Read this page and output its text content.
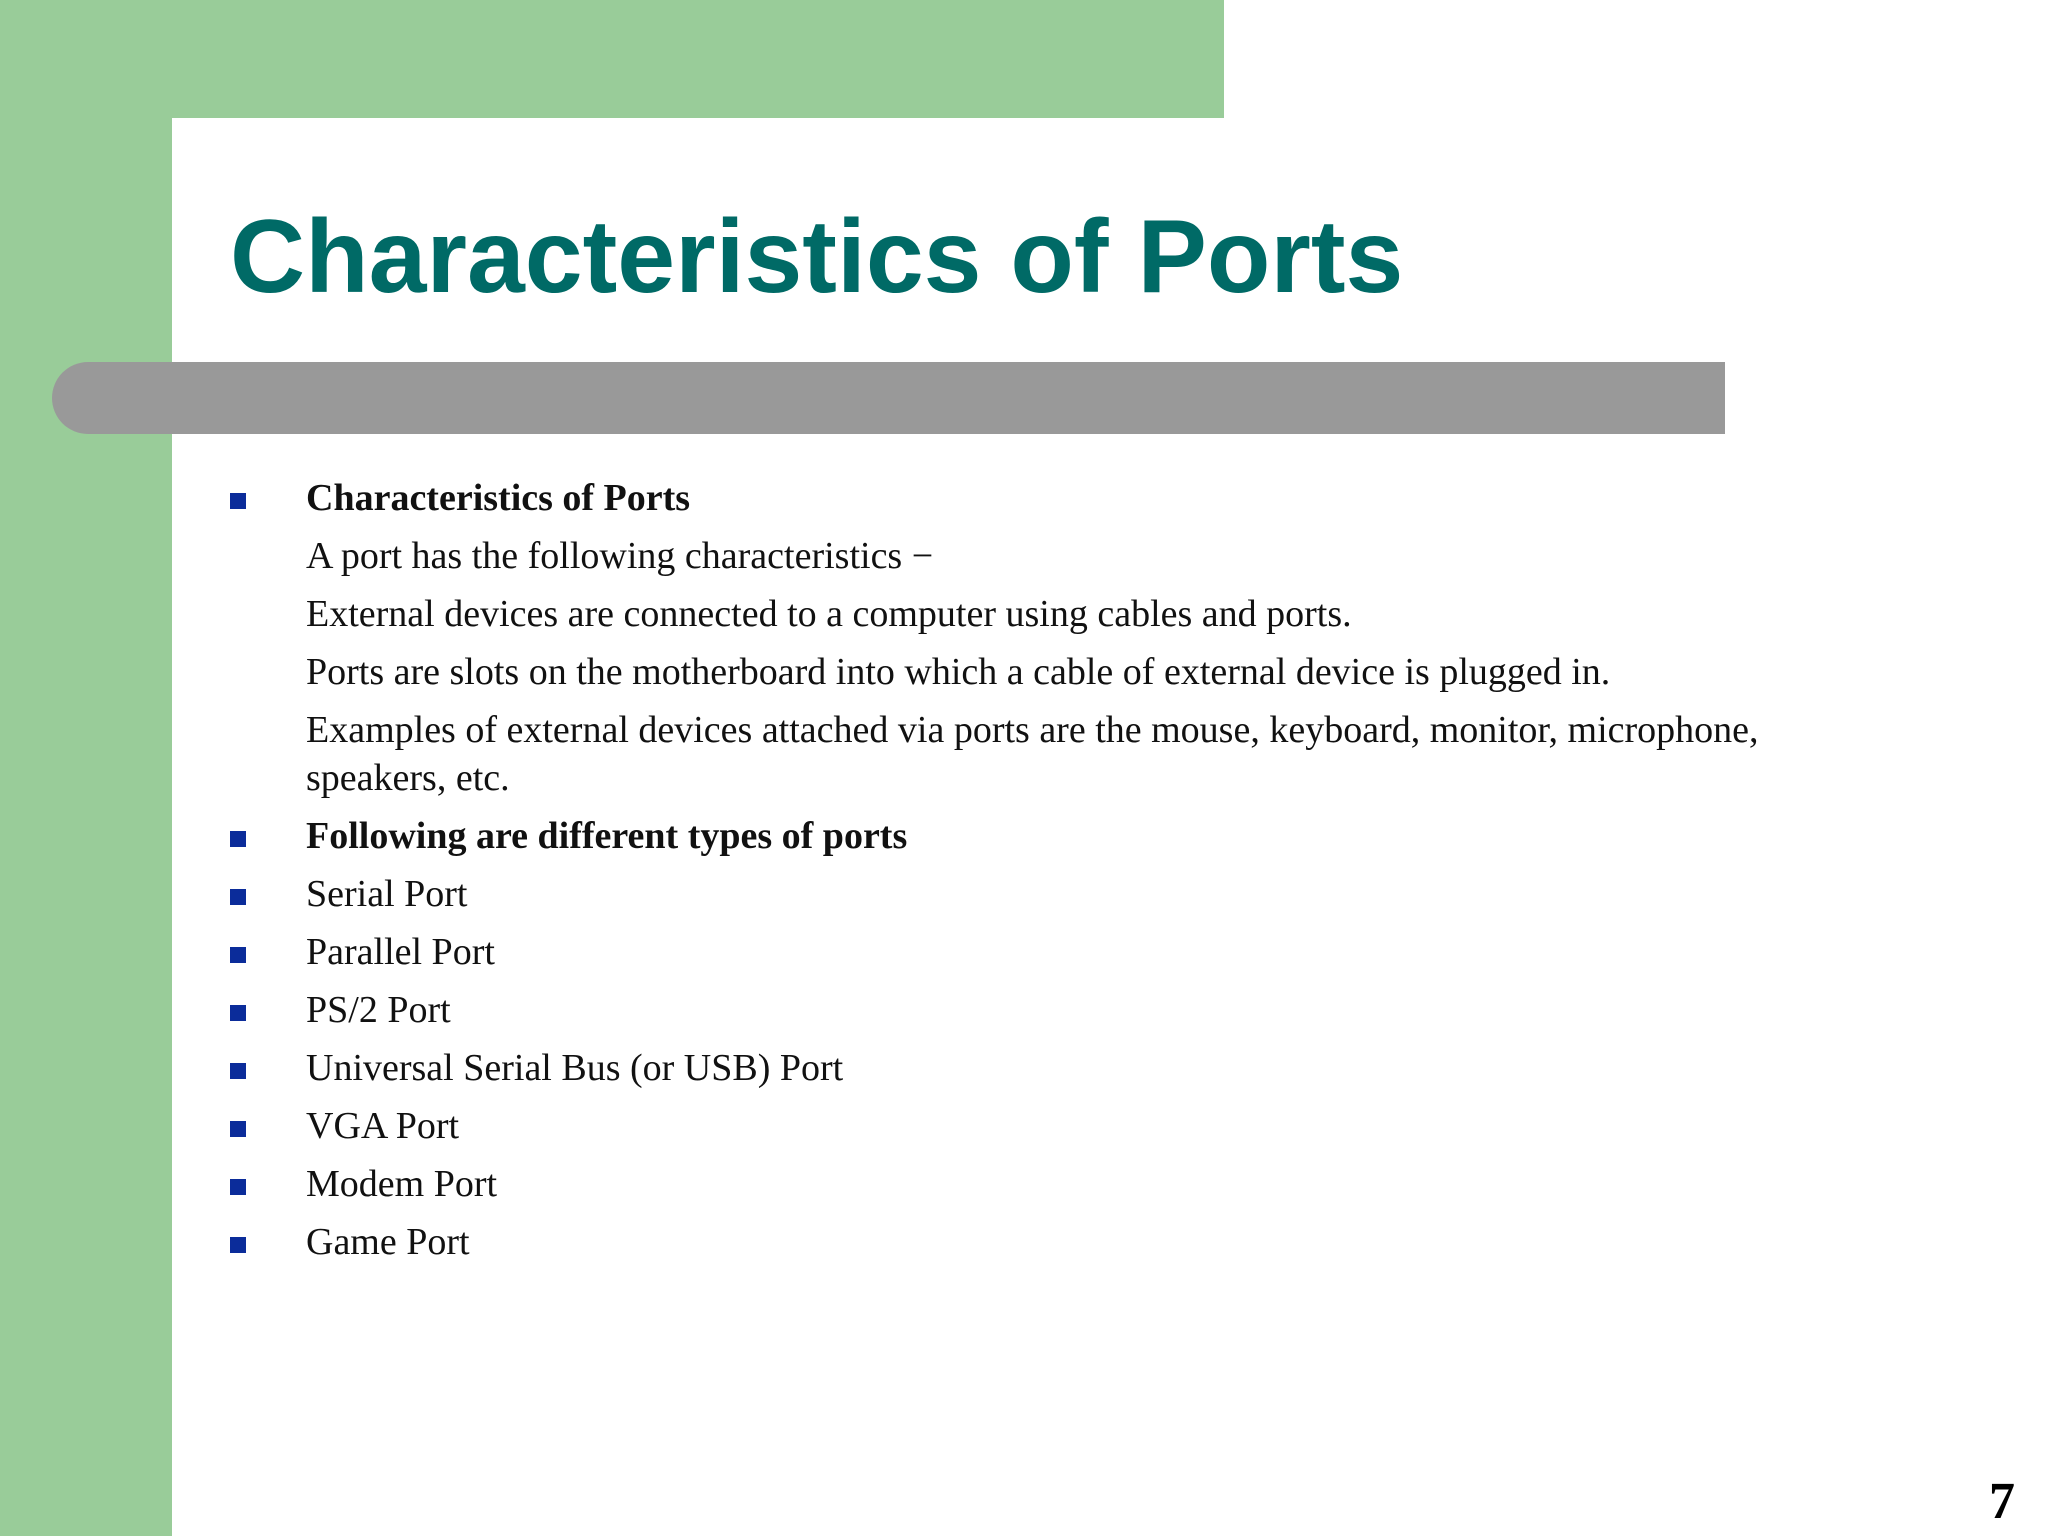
Characteristics of Ports
Characteristics of Ports
A port has the following characteristics −
External devices are connected to a computer using cables and ports.
Ports are slots on the motherboard into which a cable of external device is plugged in.
Examples of external devices attached via ports are the mouse, keyboard, monitor, microphone, speakers, etc.
Following are different types of ports
Serial Port
Parallel Port
PS/2 Port
Universal Serial Bus (or USB) Port
VGA Port
Modem Port
Game Port
7
